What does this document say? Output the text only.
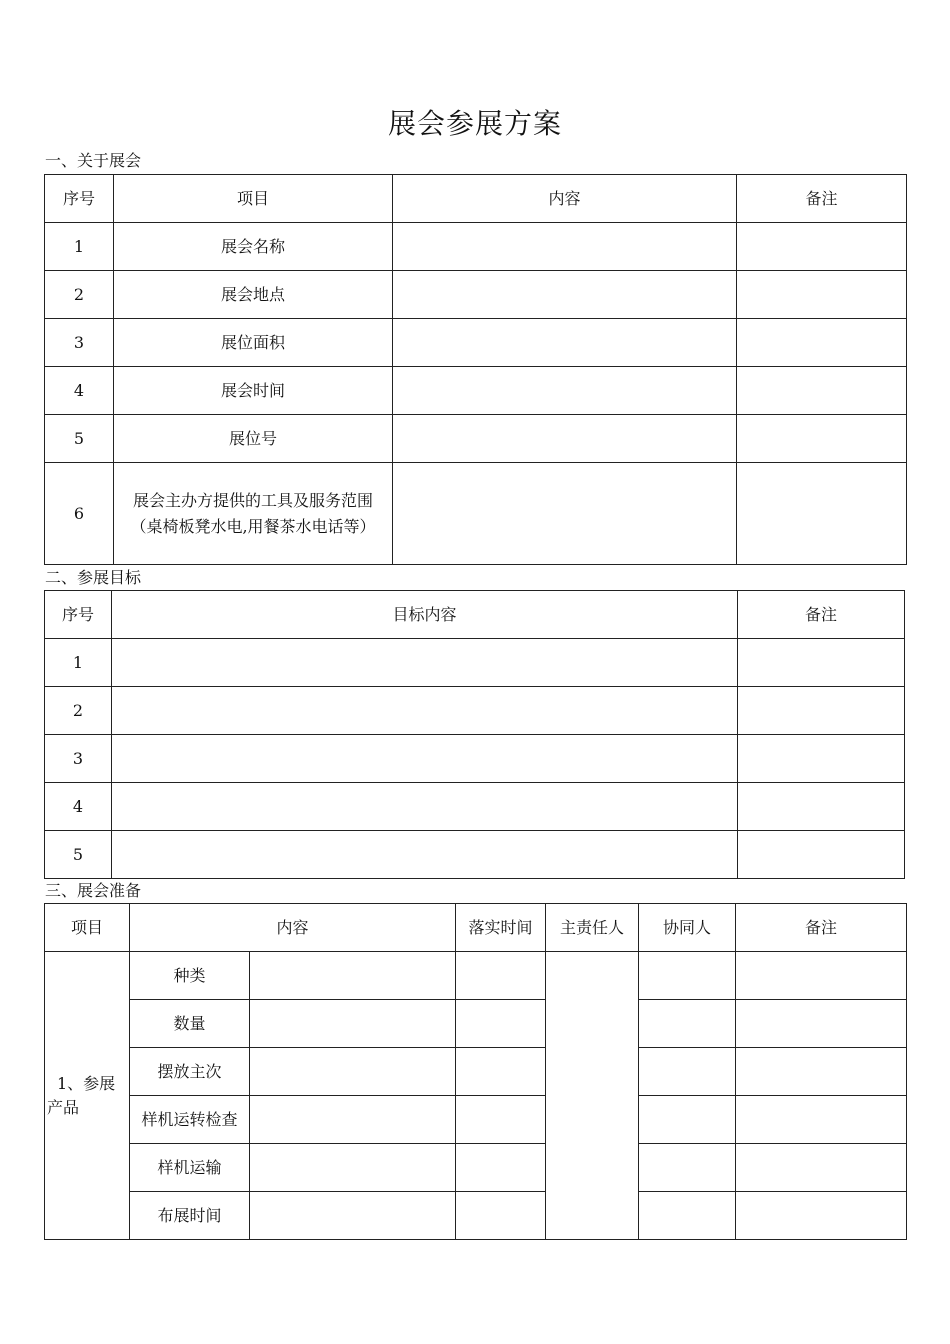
展会参展方案
一、关于展会
序号	项目	内容	备注
1	展会名称		
2	展会地点		
3	展位面积		
4	展会时间		
5	展位号		
6	展会主办方提供的工具及服务范围
（桌椅板凳水电,用餐茶水电话等）		

二、参展目标
序号	目标内容	备注
1		
2		
3		
4		
5		
三、展会准备
项目	内容		落实时间	主责任人	协同人	备注

1、参展
产品	种类					
	数量					
	摆放主次					
	样机运转检查					
	样机运输					
	布展时间					
